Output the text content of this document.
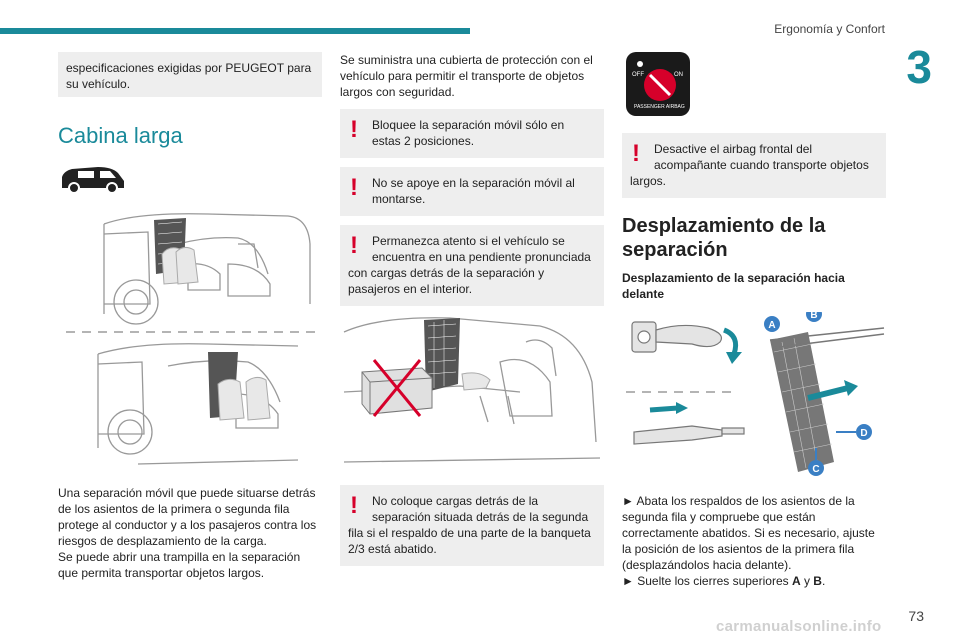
Ergonomía y Confort
3
especificaciones exigidas por PEUGEOT para su vehículo.
Cabina larga

Una separación móvil que puede situarse detrás de los asientos de la primera o segunda fila protege al conductor y a los pasajeros contra los riesgos de desplazamiento de la carga.
Se puede abrir una trampilla en la separación que permita transportar objetos largos.
Se suministra una cubierta de protección con el vehículo para permitir el transporte de objetos largos con seguridad.
!	Bloquee la separación móvil sólo en estas 2 posiciones.
!	No se apoye en la separación móvil al montarse.
!	Permanezca atento si el vehículo se encuentra en una pendiente pronunciada
con cargas detrás de la separación y pasajeros en el interior.
!	No coloque cargas detrás de la separación situada detrás de la segunda
fila si el respaldo de una parte de la banqueta 2/3 está abatido.
OFF	ON
PASSENGER AIRBAG
!	Desactive el airbag frontal del acompañante cuando transporte objetos
largos.
Desplazamiento de la separación
Desplazamiento de la separación hacia delante
A
B
C
D
► Abata los respaldos de los asientos de la segunda fila y compruebe que están correctamente abatidos. Si es necesario, ajuste la posición de los asientos de la primera fila (desplazándolos hacia delante).
► Suelte los cierres superiores A y B.
73
carmanualsonline.info
